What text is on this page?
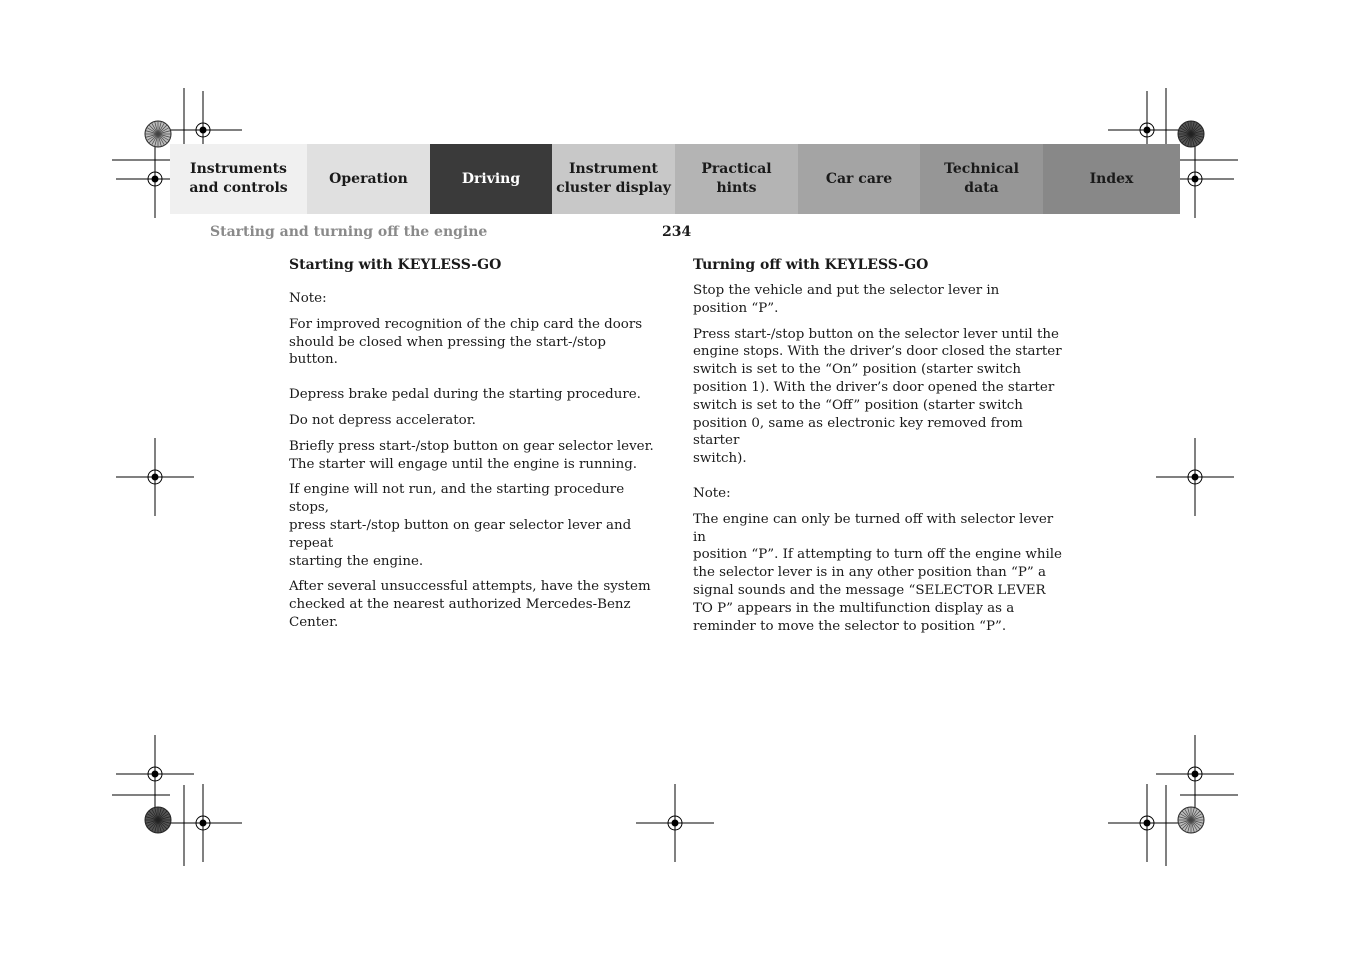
Instruments
and controls
Operation	Driving
Instrument
cluster display
Practical hints
Car care
Technical
data
Index
Starting and turning off the engine	234
Starting with KEYLESS-GO

Note:

For improved recognition of the chip card the doors
should be closed when pressing the start-/stop button.

Depress brake pedal during the starting procedure.

Do not depress accelerator.

Briefly press start-/stop button on gear selector lever.
The starter will engage until the engine is running.

If engine will not run, and the starting procedure stops,
press start-/stop button on gear selector lever and repeat
starting the engine.

After several unsuccessful attempts, have the system
checked at the nearest authorized Mercedes-Benz
Center.

Turning off with KEYLESS-GO

Stop the vehicle and put the selector lever in
position “P”.

Press start-/stop button on the selector lever until the
engine stops. With the driver’s door closed the starter
switch is set to the “On” position (starter switch
position 1). With the driver’s door opened the starter
switch is set to the “Off” position (starter switch
position 0, same as electronic key removed from starter
switch).

Note:

The engine can only be turned off with selector lever in
position “P”. If attempting to turn off the engine while
the selector lever is in any other position than “P” a
signal sounds and the message “SELECTOR LEVER
TO P” appears in the multifunction display as a
reminder to move the selector to position “P”.
